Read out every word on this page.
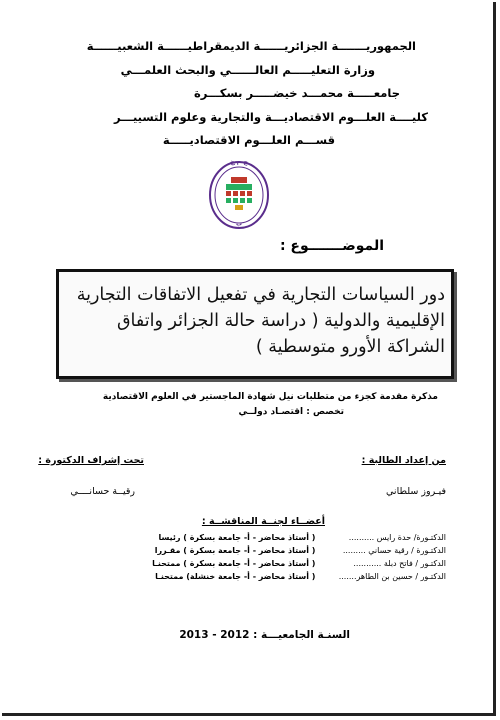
الجمهوريـــــــة الجزائريــــــة الديمقراطيــــــة الشعبيــــــة
وزارة التعليـــــم العالــــــي والبحث العلمـــي
جامعـــــة محمـــد خيضـــــر بسكـــرة
كليــــة العلـــوم الاقتصاديـــة والتجارية وعلوم التسييـــر
قســـم العلـــوم الاقتصاديـــــة
ج م خ
ب
الموضـــــــوع :
دور السياسات التجارية في تفعيل الاتفاقات التجارية
الإقليمية والدولية ( دراسة حالة الجزائر واتفاق
الشراكة الأورو متوسطية )
مذكرة مقدمة كجزء من متطلبات نيل شهادة الماجستير في العلوم الاقتصادية
تخصص : اقتصـاد دولــي
من إعداد الطالبة :
تحت إشراف الدكتورة :
فيـروز سلطاني
رقيــة حسانــــي
أعضــاء لجنــة المناقشــة :
الدكتـورة/ حدة رايس .......... ( أستاذ محاضر - أ- جامعة بسكرة ) رئيسا
الدكتـورة / رقية حساني ......... ( أستاذ محاضر - أ- جامعة بسكرة ) مقـررا
الدكتـور / فاتح دبلة ........... ( أستاذ محاضر - أ- جامعة بسكرة ) ممتحنـا
الدكتـور / حسين بن الطاهر....... ( أستاذ محاضر - أ- جامعة خنشلة) ممتحنـا
السنـة الجامعيـــة : 2012 - 2013
